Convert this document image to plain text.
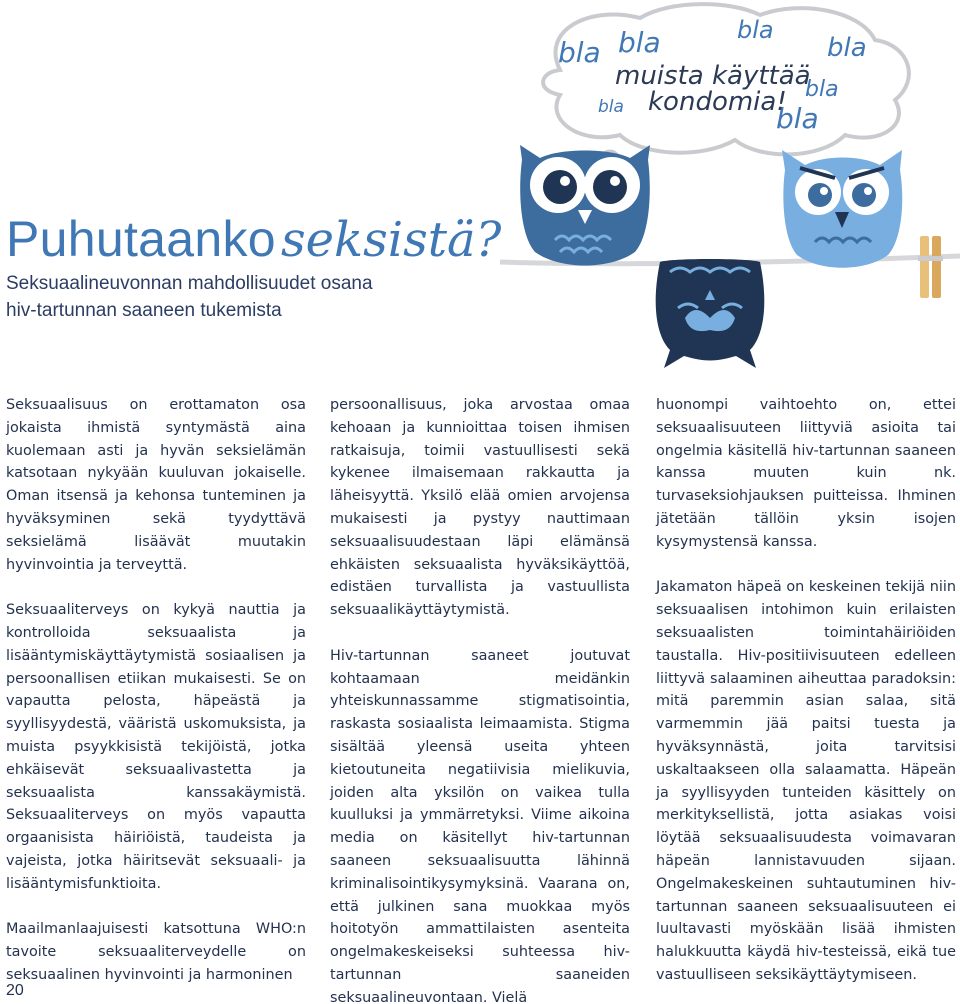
bla bla	bla
bla
bla
bla
bla
muista käyttää
kondomia!
Puhutaanko seksistä?
Seksuaalineuvonnan mahdollisuudet osana
hiv-tartunnan saaneen tukemista

Seksuaalisuus on erottamaton osa jokaista ihmistä syntymästä aina kuolemaan asti ja hyvän seksielämän katsotaan nykyään kuuluvan jokaiselle. Oman itsensä ja kehonsa tunteminen ja hyväksyminen sekä tyydyttävä seksielämä lisäävät muutakin hyvinvointia ja terveyttä.

Seksuaaliterveys on kykyä nauttia ja kontrolloida seksuaalista ja lisääntymiskäyttäytymistä sosiaalisen ja persoonallisen etiikan mukaisesti. Se on vapautta pelosta, häpeästä ja syyllisyydestä, vääristä uskomuksista, ja muista psyykkisistä tekijöistä, jotka ehkäisevät seksuaalivastetta ja seksuaalista kanssakäymistä. Seksuaaliterveys on myös vapautta orgaanisista häiriöistä, taudeista ja vajeista, jotka häiritsevät seksuaali- ja lisääntymisfunktioita.

Maailmanlaajuisesti katsottuna WHO:n tavoite seksuaaliterveydelle on seksuaalinen hyvinvointi ja harmoninen

persoonallisuus, joka arvostaa omaa kehoaan ja kunnioittaa toisen ihmisen ratkaisuja, toimii vastuullisesti sekä kykenee ilmaisemaan rakkautta ja läheisyyttä. Yksilö elää omien arvojensa mukaisesti ja pystyy nauttimaan seksuaalisuudestaan läpi elämänsä ehkäisten seksuaalista hyväksikäyttöä, edistäen turvallista ja vastuullista seksuaalikäyttäytymistä.

Hiv-tartunnan saaneet joutuvat kohtaamaan meidänkin yhteiskunnassamme stigmatisointia, raskasta sosiaalista leimaamista. Stigma sisältää yleensä useita yhteen kietoutuneita negatiivisia mielikuvia, joiden alta yksilön on vaikea tulla kuulluksi ja ymmärretyksi. Viime aikoina media on käsitellyt hiv-tartunnan saaneen seksuaalisuutta lähinnä kriminalisointikysymyksinä. Vaarana on, että julkinen sana muokkaa myös hoitotyön ammattilaisten asenteita ongelmakeskeiseksi suhteessa hiv-tartunnan saaneiden seksuaalineuvontaan. Vielä

huonompi vaihtoehto on, ettei seksuaalisuuteen liittyviä asioita tai ongelmia käsitellä hiv-tartunnan saaneen kanssa muuten kuin nk. turvaseksiohjauksen puitteissa. Ihminen jätetään tällöin yksin isojen kysymystensä kanssa.

Jakamaton häpeä on keskeinen tekijä niin seksuaalisen intohimon kuin erilaisten seksuaalisten toimintahäiriöiden taustalla. Hiv-positiivisuuteen edelleen liittyvä salaaminen aiheuttaa paradoksin: mitä paremmin asian salaa, sitä varmemmin jää paitsi tuesta ja hyväksynnästä, joita tarvitsisi uskaltaakseen olla salaamatta. Häpeän ja syyllisyyden tunteiden käsittely on merkityksellistä, jotta asiakas voisi löytää seksuaalisuudesta voimavaran häpeän lannistavuuden sijaan. Ongelmakeskeinen suhtautuminen hiv-tartunnan saaneen seksuaalisuuteen ei luultavasti myöskään lisää ihmisten halukkuutta käydä hiv-testeissä, eikä tue vastuulliseen seksikäyttäytymiseen.

20
